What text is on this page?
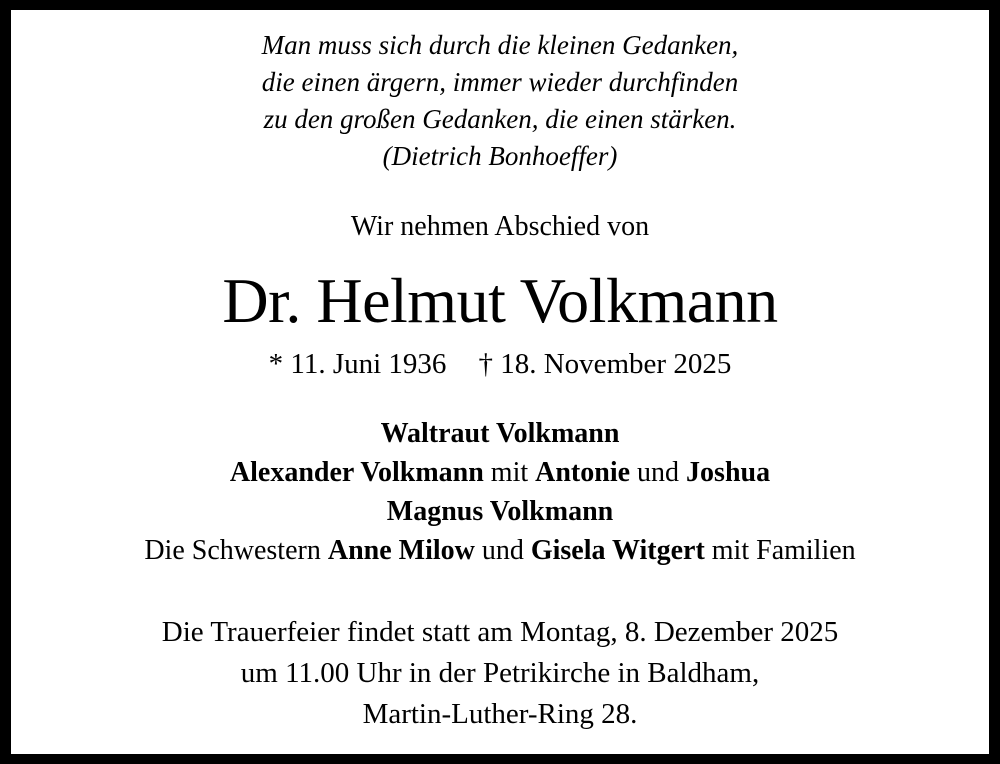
Man muss sich durch die kleinen Gedanken,
die einen ärgern, immer wieder durchfinden
zu den großen Gedanken, die einen stärken.
(Dietrich Bonhoeffer)
Wir nehmen Abschied von
Dr. Helmut Volkmann
* 11. Juni 1936 † 18. November 2025
Waltraut Volkmann
Alexander Volkmann mit Antonie und Joshua
Magnus Volkmann
Die Schwestern Anne Milow und Gisela Witgert mit Familien
Die Trauerfeier findet statt am Montag, 8. Dezember 2025
um 11.00 Uhr in der Petrikirche in Baldham,
Martin-Luther-Ring 28.
